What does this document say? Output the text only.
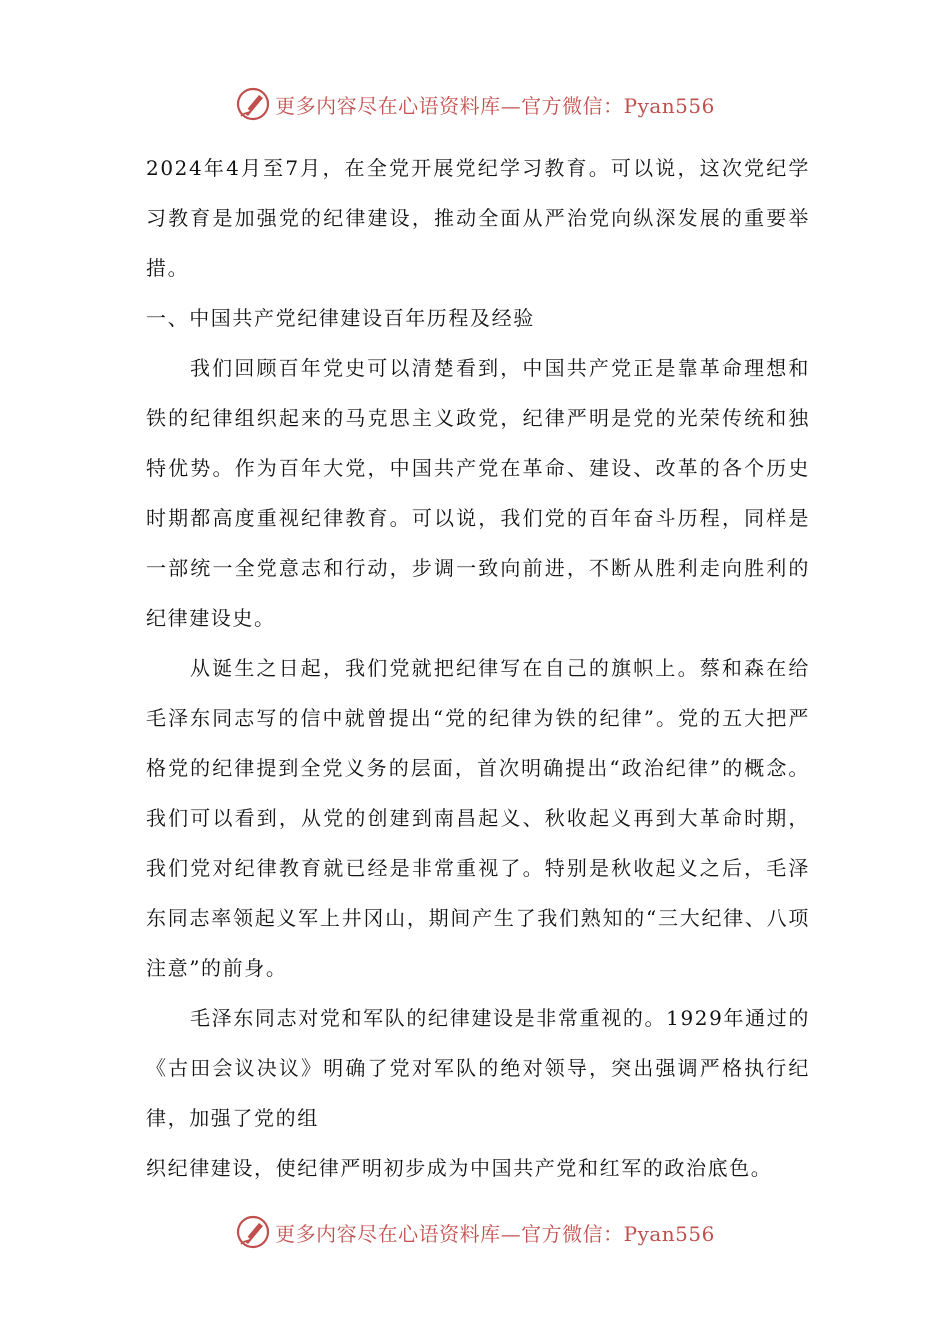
更多内容尽在心语资料库—官方微信：Pyan556

2024年4月至7月，在全党开展党纪学习教育。可以说，这次党纪学习教育是加强党的纪律建设，推动全面从严治党向纵深发展的重要举措。

一、中国共产党纪律建设百年历程及经验

我们回顾百年党史可以清楚看到，中国共产党正是靠革命理想和铁的纪律组织起来的马克思主义政党，纪律严明是党的光荣传统和独特优势。作为百年大党，中国共产党在革命、建设、改革的各个历史时期都高度重视纪律教育。可以说，我们党的百年奋斗历程，同样是一部统一全党意志和行动，步调一致向前进，不断从胜利走向胜利的纪律建设史。

从诞生之日起，我们党就把纪律写在自己的旗帜上。蔡和森在给毛泽东同志写的信中就曾提出“党的纪律为铁的纪律”。党的五大把严格党的纪律提到全党义务的层面，首次明确提出“政治纪律”的概念。我们可以看到，从党的创建到南昌起义、秋收起义再到大革命时期，我们党对纪律教育就已经是非常重视了。特别是秋收起义之后，毛泽东同志率领起义军上井冈山，期间产生了我们熟知的“三大纪律、八项注意”的前身。

毛泽东同志对党和军队的纪律建设是非常重视的。1929年通过的《古田会议决议》明确了党对军队的绝对领导，突出强调严格执行纪律，加强了党的组

织纪律建设，使纪律严明初步成为中国共产党和红军的政治底色。

更多内容尽在心语资料库—官方微信：Pyan556
